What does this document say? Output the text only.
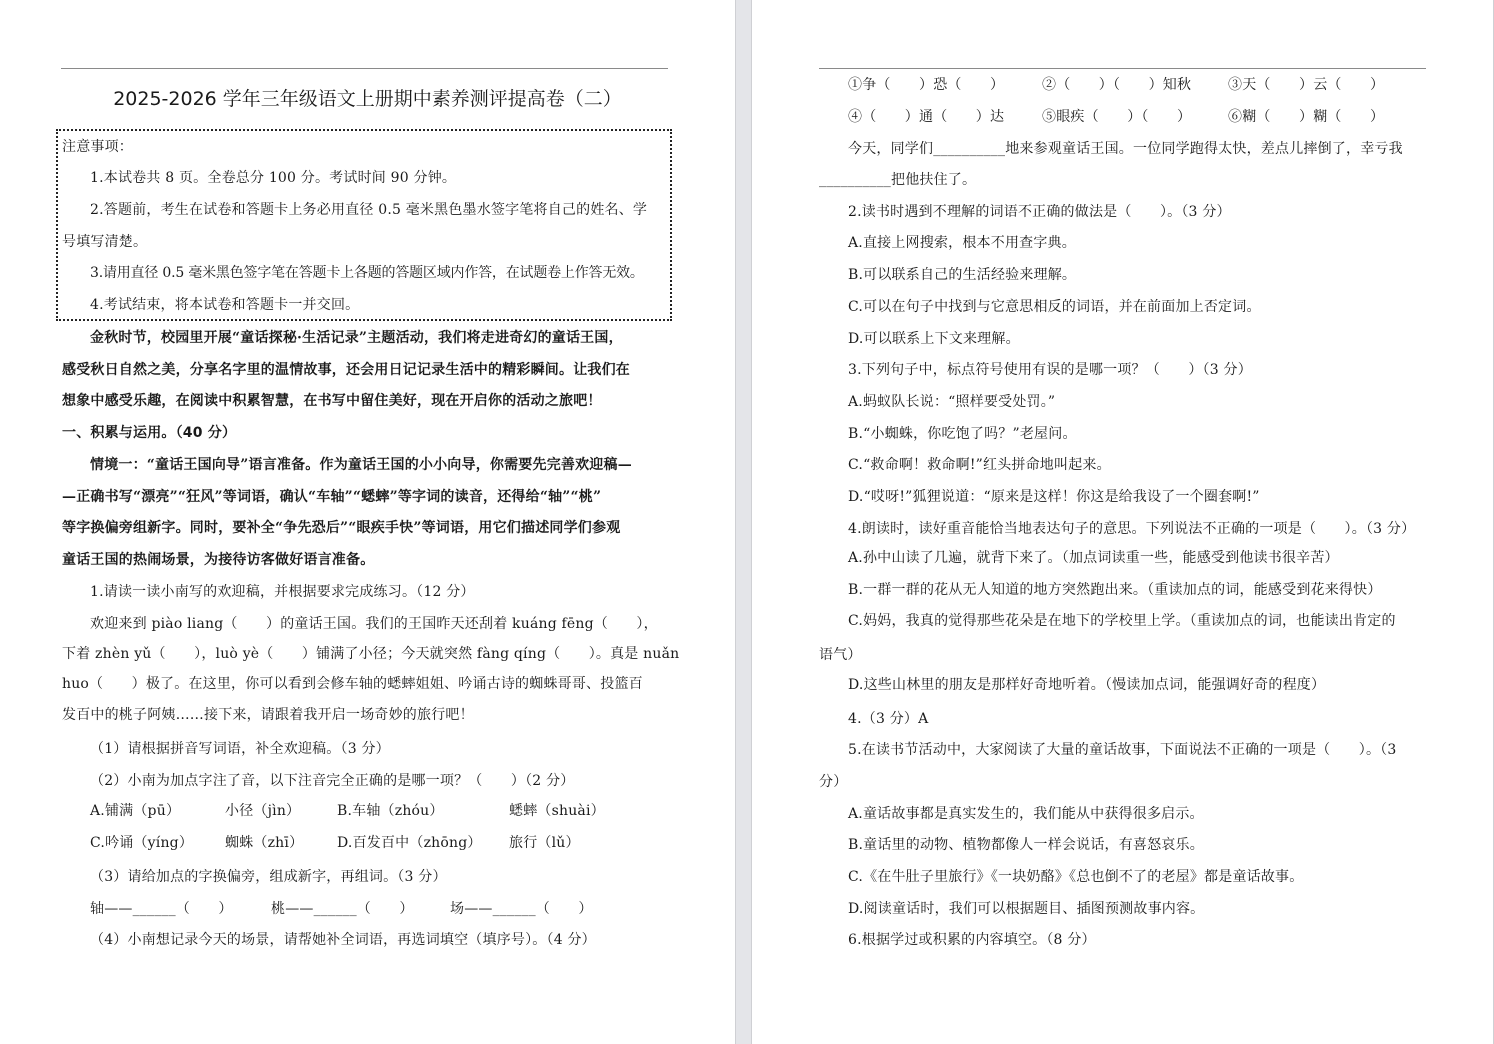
2025-2026 学年三年级语文上册期中素养测评提高卷（二）
注意事项：
1.本试卷共 8 页。全卷总分 100 分。考试时间 90 分钟。
2.答题前，考生在试卷和答题卡上务必用直径 0.5 毫米黑色墨水签字笔将自己的姓名、学
号填写清楚。
3.请用直径 0.5 毫米黑色签字笔在答题卡上各题的答题区域内作答，在试题卷上作答无效。
4.考试结束，将本试卷和答题卡一并交回。
金秋时节，校园里开展“童话探秘·生活记录”主题活动，我们将走进奇幻的童话王国，
感受秋日自然之美，分享名字里的温情故事，还会用日记记录生活中的精彩瞬间。让我们在
想象中感受乐趣，在阅读中积累智慧，在书写中留住美好，现在开启你的活动之旅吧！
一、积累与运用。（40 分）
情境一：“童话王国向导”语言准备。作为童话王国的小小向导，你需要先完善欢迎稿—
—正确书写“漂亮”“狂风”等词语，确认“车轴”“蟋蟀”等字词的读音，还得给“轴”“桃”
等字换偏旁组新字。同时，要补全“争先恐后”“眼疾手快”等词语，用它们描述同学们参观
童话王国的热闹场景，为接待访客做好语言准备。
1.请读一读小南写的欢迎稿，并根据要求完成练习。（12 分）
欢迎来到 piào liang（　　）的童话王国。我们的王国昨天还刮着 kuáng fēng（　　），
下着 zhèn yǔ（　　），luò yè（　　）铺满了小径；今天就突然 fàng qíng（　　）。真是 nuǎn
huo（　　）极了。在这里，你可以看到会修车轴的蟋蟀姐姐、吟诵古诗的蜘蛛哥哥、投篮百
发百中的桃子阿姨……接下来，请跟着我开启一场奇妙的旅行吧！
（1）请根据拼音写词语，补全欢迎稿。（3 分）
（2）小南为加点字注了音，以下注音完全正确的是哪一项？（　　）（2 分）
A.铺满（pū）	小径（jìn）	B.车轴（zhóu）	蟋蟀（shuài）
C.吟诵（yíng） 蜘蛛（zhī） D.百发百中（zhōng） 旅行（lǔ）
（3）请给加点的字换偏旁，组成新字，再组词。（3 分）
轴——______（　　）	桃——______（　　）	场——______（　　）
（4）小南想记录今天的场景，请帮她补全词语，再选词填空（填序号）。（4 分）
①争（　　）恐（　　）	②（　　）（　　）知秋	③天（　　）云（　　）
④（　　）通（　　）达	⑤眼疾（　　）（　　）	⑥糊（　　）糊（　　）
今天，同学们__________地来参观童话王国。一位同学跑得太快，差点儿摔倒了，幸亏我
__________把他扶住了。
2.读书时遇到不理解的词语不正确的做法是（　　）。（3 分）
A.直接上网搜索，根本不用查字典。
B.可以联系自己的生活经验来理解。
C.可以在句子中找到与它意思相反的词语，并在前面加上否定词。
D.可以联系上下文来理解。
3.下列句子中，标点符号使用有误的是哪一项？（　　）（3 分）
A.蚂蚁队长说：“照样要受处罚。”
B.“小蜘蛛，你吃饱了吗？”老屋问。
C.“救命啊！救命啊!”红头拼命地叫起来。
D.“哎呀!”狐狸说道：“原来是这样！你这是给我设了一个圈套啊!”
4.朗读时，读好重音能恰当地表达句子的意思。下列说法不正确的一项是（　　）。（3 分）
A.孙中山读了几遍，就背下来了。（加点词读重一些，能感受到他读书很辛苦）
B.一群一群的花从无人知道的地方突然跑出来。（重读加点的词，能感受到花来得快）
C.妈妈，我真的觉得那些花朵是在地下的学校里上学。（重读加点的词，也能读出肯定的
语气）
D.这些山林里的朋友是那样好奇地听着。（慢读加点词，能强调好奇的程度）
4.（3 分）A
5.在读书节活动中，大家阅读了大量的童话故事，下面说法不正确的一项是（　　）。（3
分）
A.童话故事都是真实发生的，我们能从中获得很多启示。
B.童话里的动物、植物都像人一样会说话，有喜怒哀乐。
C.《在牛肚子里旅行》《一块奶酪》《总也倒不了的老屋》都是童话故事。
D.阅读童话时，我们可以根据题目、插图预测故事内容。
6.根据学过或积累的内容填空。（8 分）
